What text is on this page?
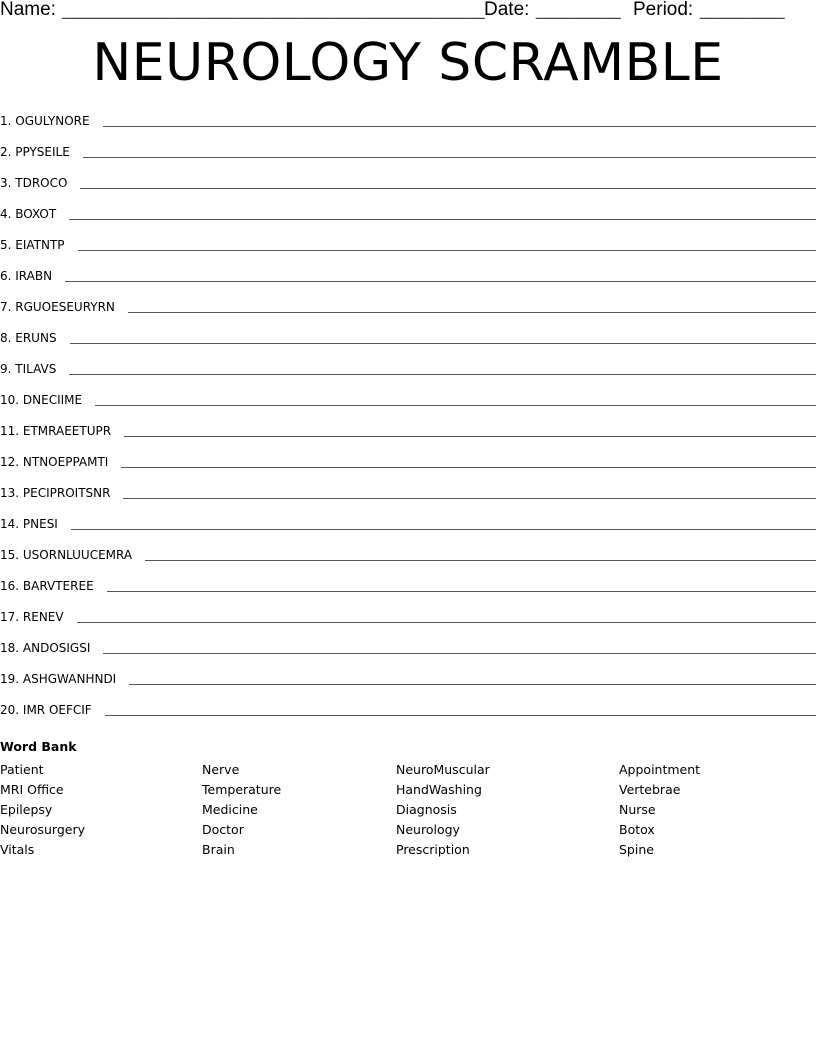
Name: ________________________________________ Date: ________ Period: ________
NEUROLOGY SCRAMBLE
1. OGULYNORE
2. PPYSEILE
3. TDROCO
4. BOXOT
5. EIATNTP
6. IRABN
7. RGUOESEURYRN
8. ERUNS
9. TILAVS
10. DNECIIME
11. ETMRAEETUPR
12. NTNOEPPAMTI
13. PECIPROITSNR
14. PNESI
15. USORNLUUCEMRA
16. BARVTEREE
17. RENEV
18. ANDOSIGSI
19. ASHGWANHNDI
20. IMR OEFCIF
Word Bank
Patient
MRI Office
Epilepsy
Neurosurgery
Vitals
Nerve
Temperature
Medicine
Doctor
Brain
NeuroMuscular
HandWashing
Diagnosis
Neurology
Prescription
Appointment
Vertebrae
Nurse
Botox
Spine
